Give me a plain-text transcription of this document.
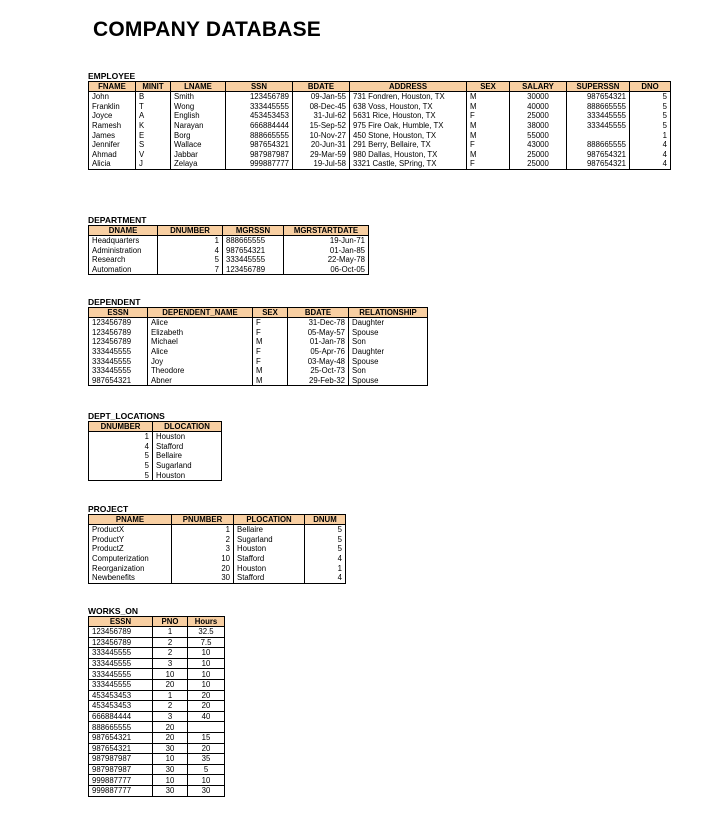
COMPANY DATABASE
EMPLOYEE
FNAME	MINIT	LNAME	SSN	BDATE	ADDRESS	SEX	SALARY	SUPERSSN	DNO
John	B	Smith	123456789	09-Jan-55	731 Fondren, Houston, TX	M	30000	987654321	5
Franklin	T	Wong	333445555	08-Dec-45	638 Voss, Houston, TX	M	40000	888665555	5
Joyce	A	English	453453453	31-Jul-62	5631 Rice, Houston, TX	F	25000	333445555	5
Ramesh	K	Narayan	666884444	15-Sep-52	975 Fire Oak, Humble, TX	M	38000	333445555	5
James	E	Borg	888665555	10-Nov-27	450 Stone, Houston, TX	M	55000		1
Jennifer	S	Wallace	987654321	20-Jun-31	291 Berry, Bellaire, TX	F	43000	888665555	4
Ahmad	V	Jabbar	987987987	29-Mar-59	980 Dallas, Houston, TX	M	25000	987654321	4
Alicia	J	Zelaya	999887777	19-Jul-58	3321 Castle, SPring, TX	F	25000	987654321	4
DEPARTMENT
DNAME	DNUMBER	MGRSSN	MGRSTARTDATE
Headquarters	1	888665555	19-Jun-71
Administration	4	987654321	01-Jan-85
Research	5	333445555	22-May-78
Automation	7	123456789	06-Oct-05
DEPENDENT
ESSN	DEPENDENT_NAME	SEX	BDATE	RELATIONSHIP
123456789	Alice	F	31-Dec-78	Daughter
123456789	Elizabeth	F	05-May-57	Spouse
123456789	Michael	M	01-Jan-78	Son
333445555	Alice	F	05-Apr-76	Daughter
333445555	Joy	F	03-May-48	Spouse
333445555	Theodore	M	25-Oct-73	Son
987654321	Abner	M	29-Feb-32	Spouse
DEPT_LOCATIONS
DNUMBER	DLOCATION
1	Houston
4	Stafford
5	Bellaire
5	Sugarland
5	Houston
PROJECT
PNAME	PNUMBER	PLOCATION	DNUM
ProductX	1	Bellaire	5
ProductY	2	Sugarland	5
ProductZ	3	Houston	5
Computerization	10	Stafford	4
Reorganization	20	Houston	1
Newbenefits	30	Stafford	4
WORKS_ON
ESSN	PNO	Hours
123456789	1	32.5
123456789	2	7.5
333445555	2	10
333445555	3	10
333445555	10	10
333445555	20	10
453453453	1	20
453453453	2	20
666884444	3	40
888665555	20	
987654321	20	15
987654321	30	20
987987987	10	35
987987987	30	5
999887777	10	10
999887777	30	30
